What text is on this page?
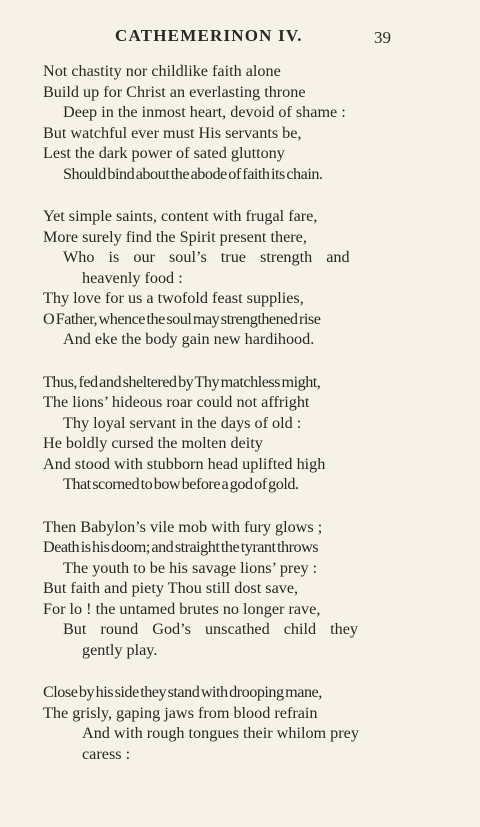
CATHEMERINON IV.	39
Not chastity nor childlike faith alone
Build up for Christ an everlasting throne
Deep in the inmost heart, devoid of shame :
But watchful ever must His servants be,
Lest the dark power of sated gluttony
Should bind about the abode of faith its chain.
Yet simple saints, content with frugal fare,
More surely find the Spirit present there,
Who is our soul’s true strength and
heavenly food :
Thy love for us a twofold feast supplies,
O Father, whence the soul may strengthened rise
And eke the body gain new hardihood.
Thus, fed and sheltered by Thy matchless might,
The lions’ hideous roar could not affright
Thy loyal servant in the days of old :
He boldly cursed the molten deity
And stood with stubborn head uplifted high
That scorned to bow before a god of gold.
Then Babylon’s vile mob with fury glows ;
Death is his doom; and straight the tyrant throws
The youth to be his savage lions’ prey :
But faith and piety Thou still dost save,
For lo ! the untamed brutes no longer rave,
But round God’s unscathed child they
gently play.
Close by his side they stand with drooping mane,
The grisly, gaping jaws from blood refrain
And with rough tongues their whilom prey
caress :
